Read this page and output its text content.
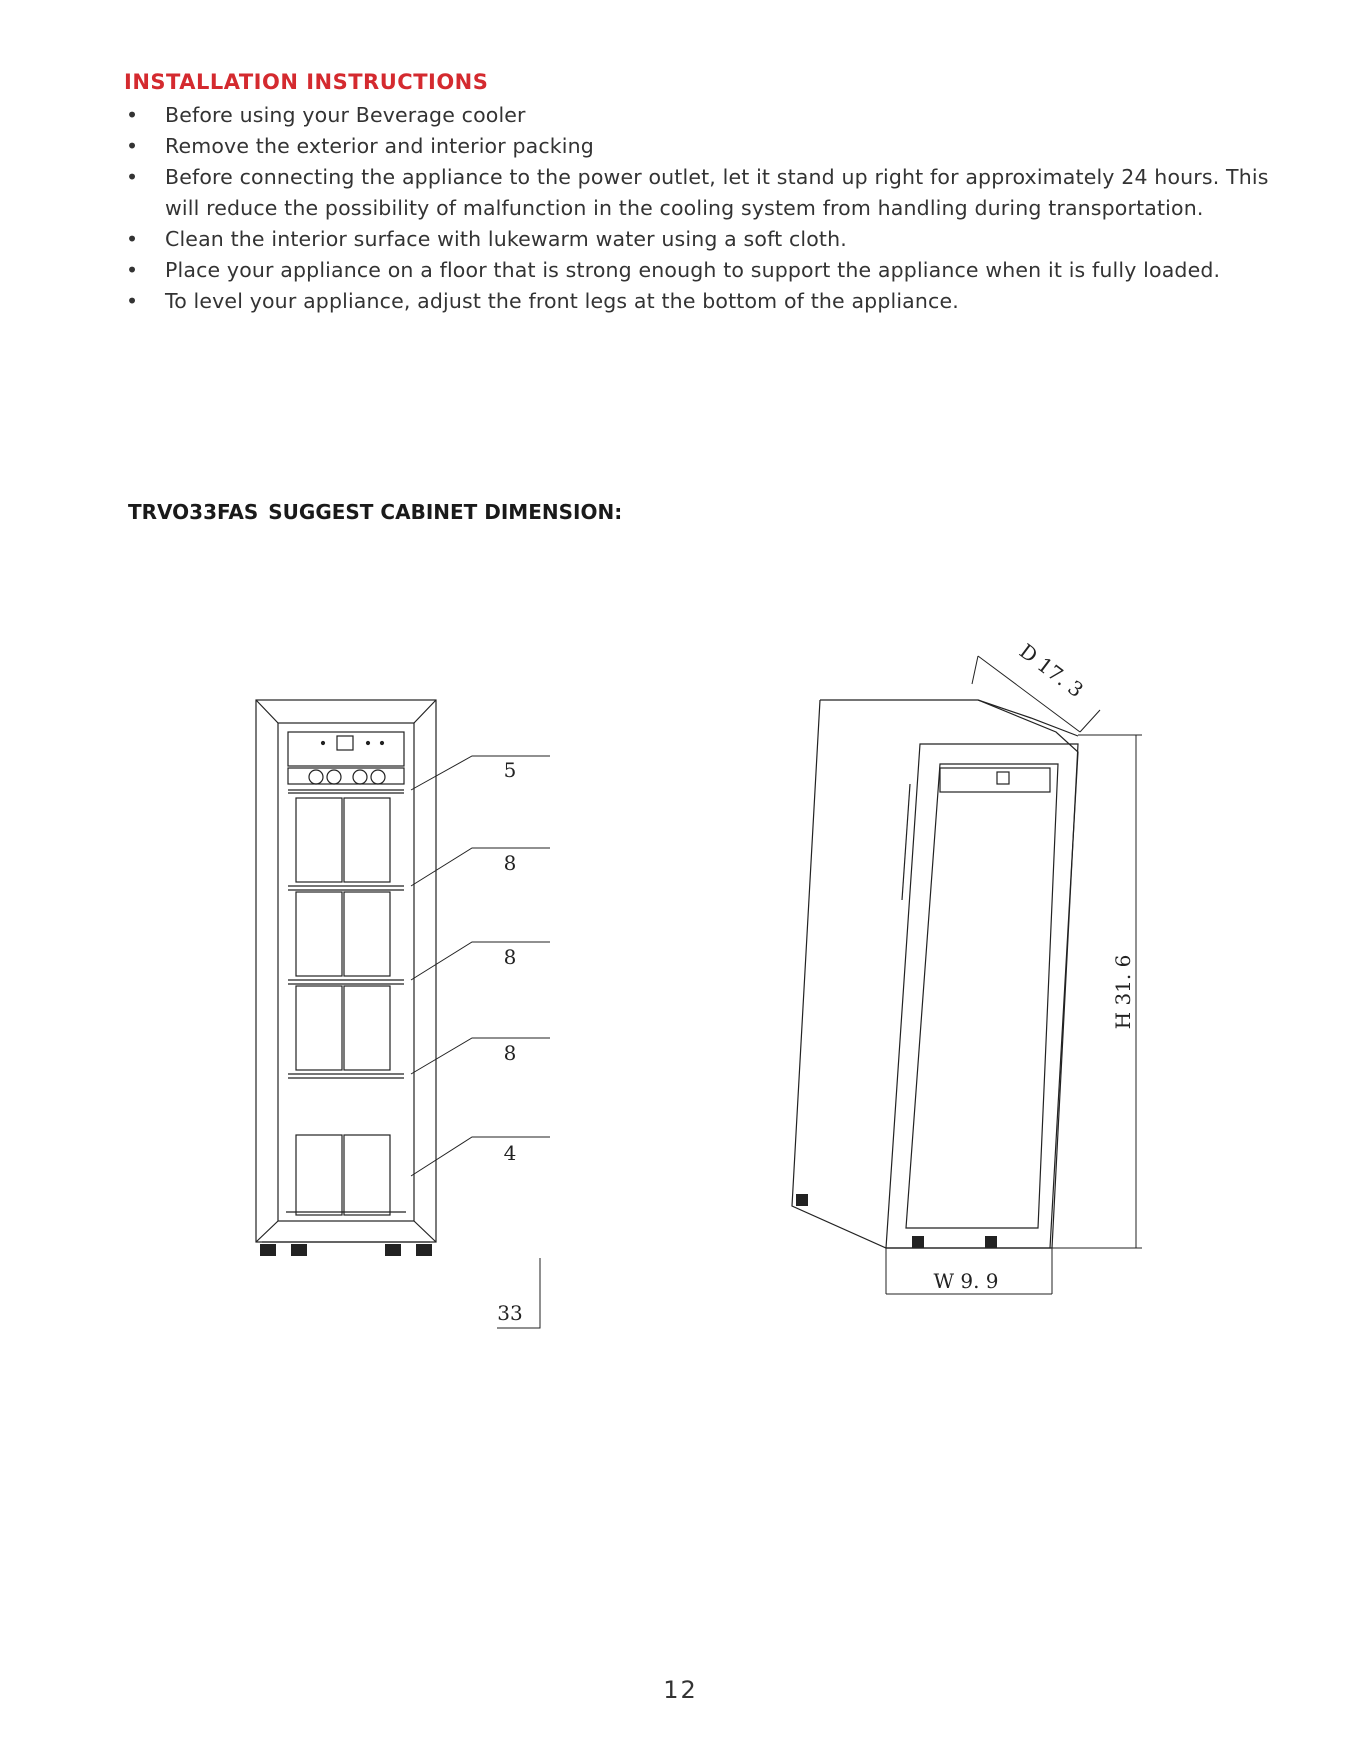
INSTALLATION INSTRUCTIONS
• Before using your Beverage cooler
• Remove the exterior and interior packing
• Before connecting the appliance to the power outlet, let it stand up right for approximately 24 hours. This will reduce the possibility of malfunction in the cooling system from handling during transportation.
• Clean the interior surface with lukewarm water using a soft cloth.
• Place your appliance on a floor that is strong enough to support the appliance when it is fully loaded.
• To level your appliance, adjust the front legs at the bottom of the appliance.
TRVO33FAS SUGGEST CABINET DIMENSION:
5
8
8
8
4
33
D 17. 3
H 31. 6
W 9. 9
12
